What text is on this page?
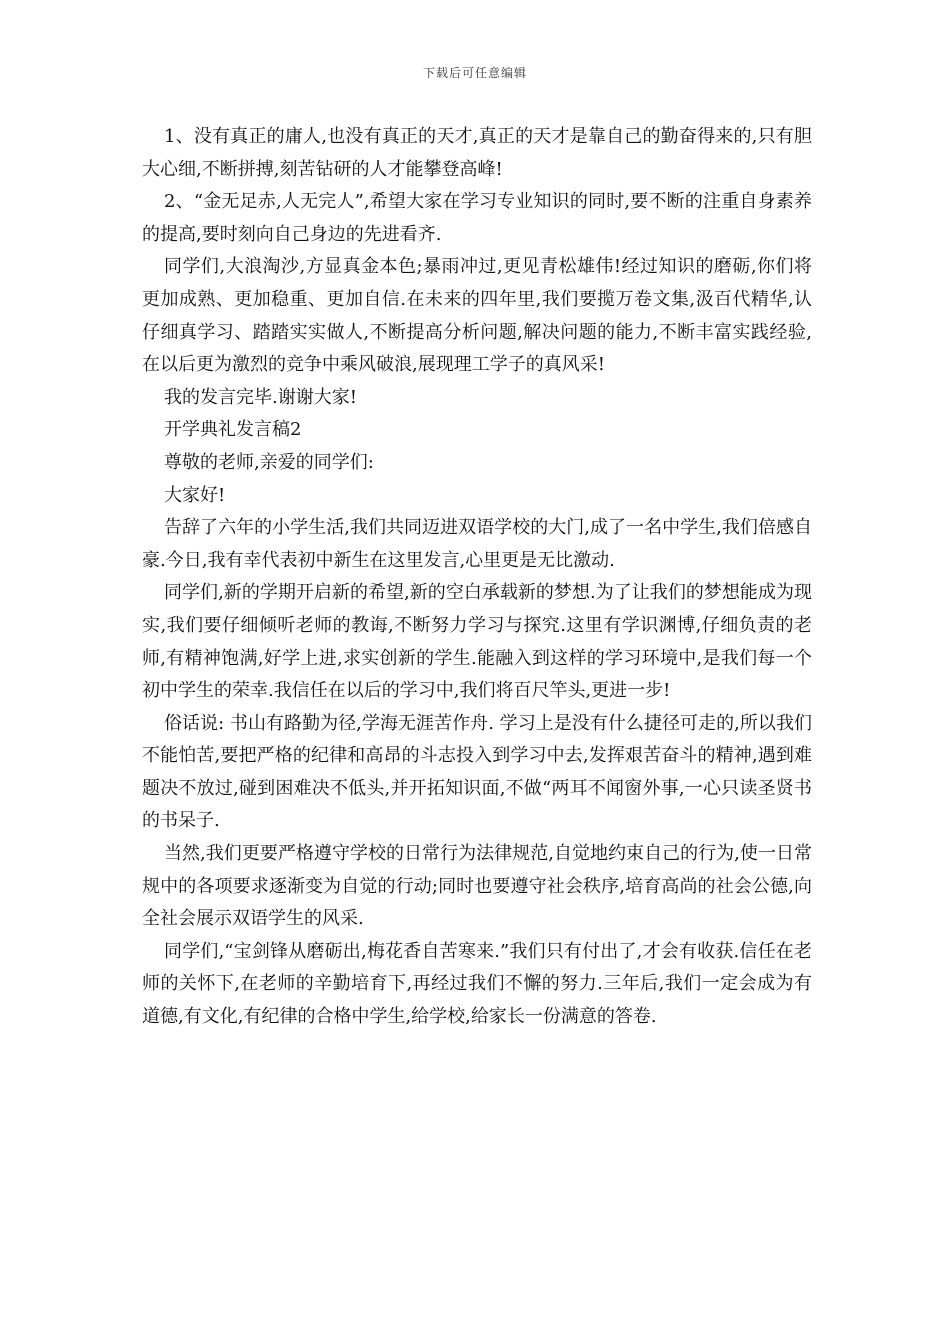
下载后可任意编辑

1、没有真正的庸人,也没有真正的天才,真正的天才是靠自己的勤奋得来的,只有胆大心细,不断拼搏,刻苦钻研的人才能攀登高峰!

2、“金无足赤,人无完人”,希望大家在学习专业知识的同时,要不断的注重自身素养的提高,要时刻向自己身边的先进看齐.

同学们,大浪淘沙,方显真金本色;暴雨冲过,更见青松雄伟!经过知识的磨砺,你们将更加成熟、更加稳重、更加自信.在未来的四年里,我们要揽万卷文集,汲百代精华,认仔细真学习、踏踏实实做人,不断提高分析问题,解决问题的能力,不断丰富实践经验,在以后更为激烈的竞争中乘风破浪,展现理工学子的真风采!

我的发言完毕.谢谢大家!

开学典礼发言稿2

尊敬的老师,亲爱的同学们:

大家好!

告辞了六年的小学生活,我们共同迈进双语学校的大门,成了一名中学生,我们倍感自豪.今日,我有幸代表初中新生在这里发言,心里更是无比激动.

同学们,新的学期开启新的希望,新的空白承载新的梦想.为了让我们的梦想能成为现实,我们要仔细倾听老师的教诲,不断努力学习与探究.这里有学识渊博,仔细负责的老师,有精神饱满,好学上进,求实创新的学生.能融入到这样的学习环境中,是我们每一个初中学生的荣幸.我信任在以后的学习中,我们将百尺竿头,更进一步!

俗话说: 书山有路勤为径,学海无涯苦作舟. 学习上是没有什么捷径可走的,所以我们不能怕苦,要把严格的纪律和高昂的斗志投入到学习中去,发挥艰苦奋斗的精神,遇到难题决不放过,碰到困难决不低头,并开拓知识面,不做“两耳不闻窗外事,一心只读圣贤书 的书呆子.

当然,我们更要严格遵守学校的日常行为法律规范,自觉地约束自己的行为,使一日常规中的各项要求逐渐变为自觉的行动;同时也要遵守社会秩序,培育高尚的社会公德,向全社会展示双语学生的风采.

同学们,“宝剑锋从磨砺出,梅花香自苦寒来.”我们只有付出了,才会有收获.信任在老师的关怀下,在老师的辛勤培育下,再经过我们不懈的努力.三年后,我们一定会成为有道德,有文化,有纪律的合格中学生,给学校,给家长一份满意的答卷.
